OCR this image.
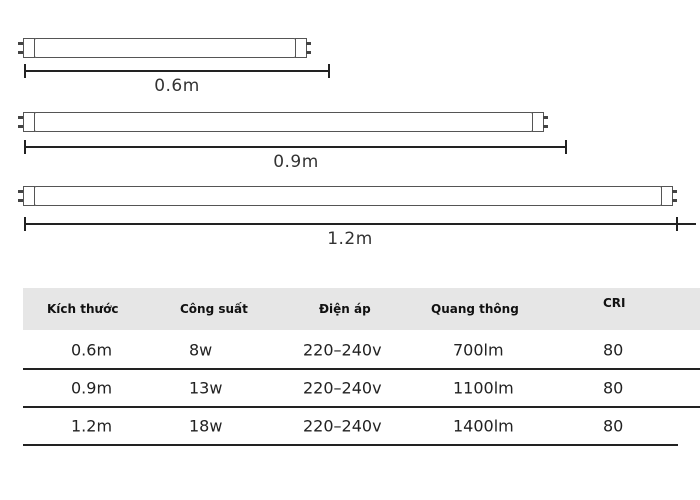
0.6m
0.9m
1.2m
Kích thước	Công suất	Điện áp	Quang thông	CRI
0.6m	8w	220–240v	700lm	80
0.9m	13w	220–240v	1100lm	80
1.2m	18w	220–240v	1400lm	80
